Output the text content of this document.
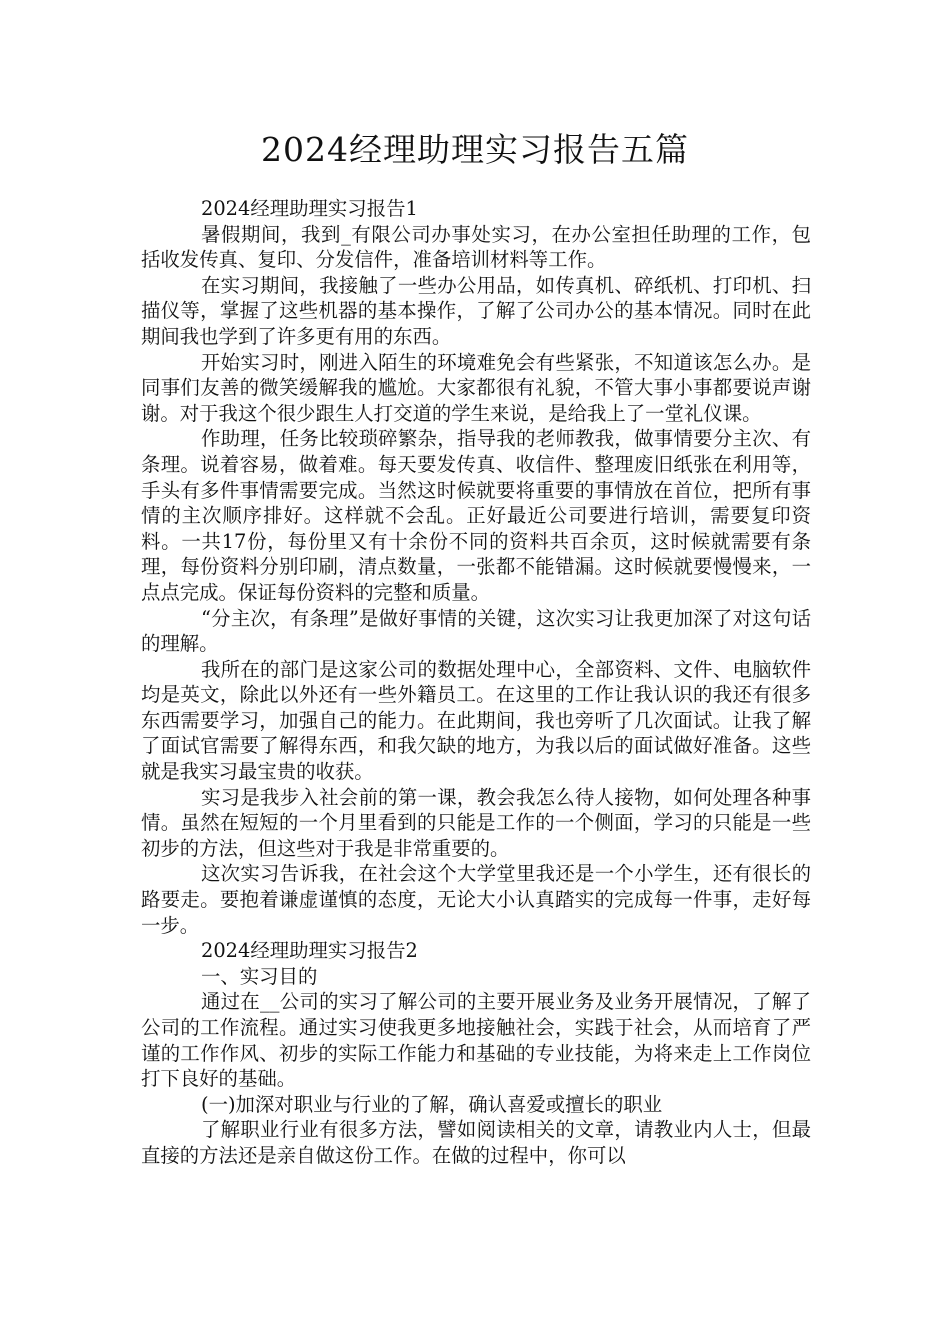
2024经理助理实习报告五篇

2024经理助理实习报告1

暑假期间，我到_有限公司办事处实习，在办公室担任助理的工作，包括收发传真、复印、分发信件，准备培训材料等工作。

在实习期间，我接触了一些办公用品，如传真机、碎纸机、打印机、扫描仪等，掌握了这些机器的基本操作，了解了公司办公的基本情况。同时在此期间我也学到了许多更有用的东西。

开始实习时，刚进入陌生的环境难免会有些紧张，不知道该怎么办。是同事们友善的微笑缓解我的尴尬。大家都很有礼貌，不管大事小事都要说声谢谢。对于我这个很少跟生人打交道的学生来说，是给我上了一堂礼仪课。

作助理，任务比较琐碎繁杂，指导我的老师教我，做事情要分主次、有条理。说着容易，做着难。每天要发传真、收信件、整理废旧纸张在利用等，手头有多件事情需要完成。当然这时候就要将重要的事情放在首位，把所有事情的主次顺序排好。这样就不会乱。正好最近公司要进行培训，需要复印资料。一共17份，每份里又有十余份不同的资料共百余页，这时候就需要有条理，每份资料分别印刷，清点数量，一张都不能错漏。这时候就要慢慢来，一点点完成。保证每份资料的完整和质量。

“分主次，有条理”是做好事情的关键，这次实习让我更加深了对这句话的理解。

我所在的部门是这家公司的数据处理中心，全部资料、文件、电脑软件均是英文，除此以外还有一些外籍员工。在这里的工作让我认识的我还有很多东西需要学习，加强自己的能力。在此期间，我也旁听了几次面试。让我了解了面试官需要了解得东西，和我欠缺的地方，为我以后的面试做好准备。这些就是我实习最宝贵的收获。

实习是我步入社会前的第一课，教会我怎么待人接物，如何处理各种事情。虽然在短短的一个月里看到的只能是工作的一个侧面，学习的只能是一些初步的方法，但这些对于我是非常重要的。

这次实习告诉我，在社会这个大学堂里我还是一个小学生，还有很长的路要走。要抱着谦虚谨慎的态度，无论大小认真踏实的完成每一件事，走好每一步。

2024经理助理实习报告2

一、实习目的

通过在__公司的实习了解公司的主要开展业务及业务开展情况，了解了公司的工作流程。通过实习使我更多地接触社会，实践于社会，从而培育了严谨的工作作风、初步的实际工作能力和基础的专业技能，为将来走上工作岗位打下良好的基础。

(一)加深对职业与行业的了解，确认喜爱或擅长的职业

了解职业行业有很多方法，譬如阅读相关的文章，请教业内人士，但最直接的方法还是亲自做这份工作。在做的过程中，你可以
